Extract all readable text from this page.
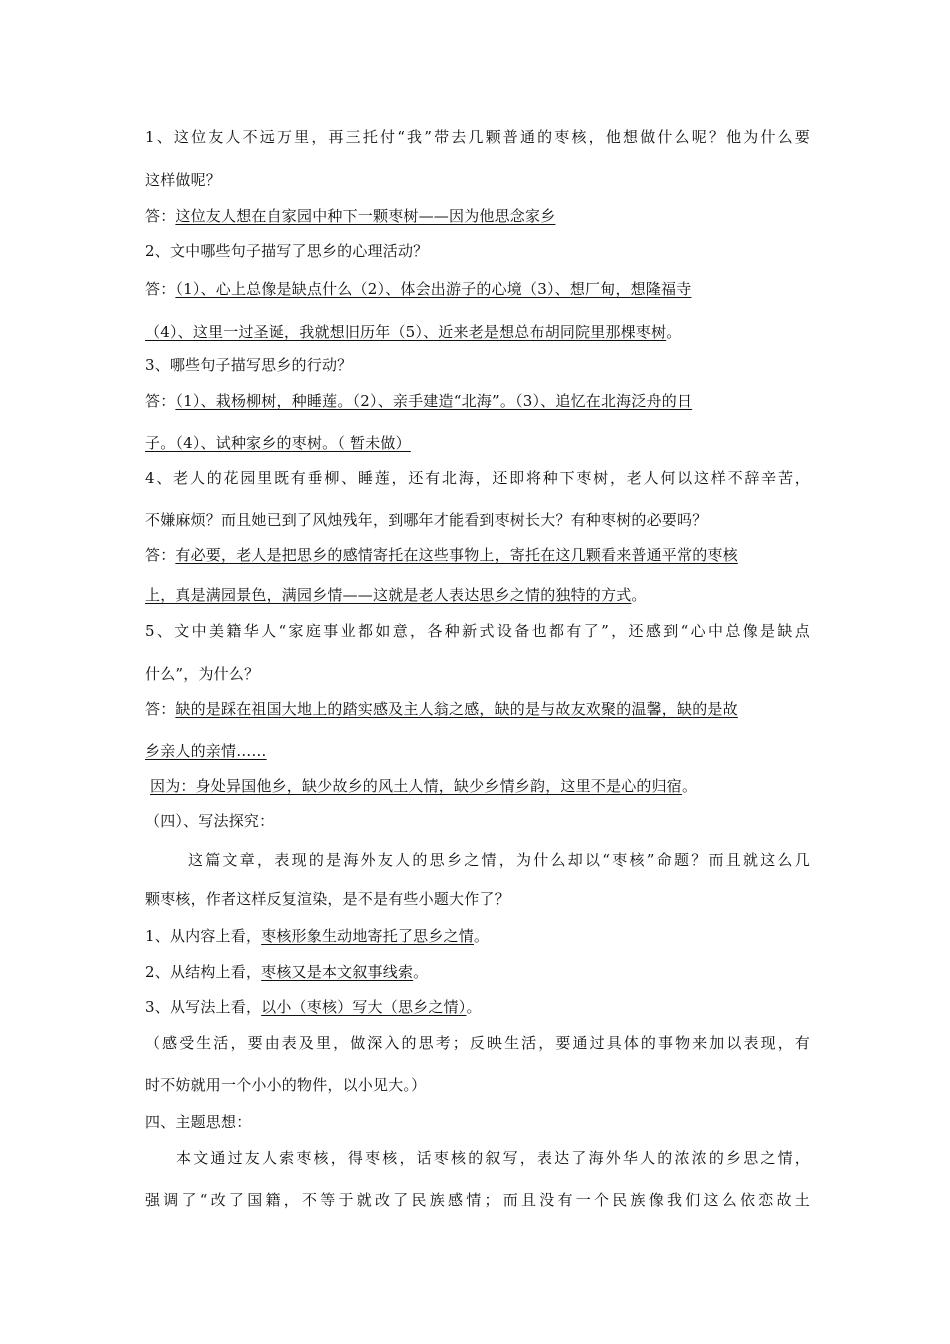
1、这位友人不远万里，再三托付“我”带去几颗普通的枣核，他想做什么呢？他为什么要
这样做呢？
答：这位友人想在自家园中种下一颗枣树——因为他思念家乡
2、文中哪些句子描写了思乡的心理活动？
答：（1）、心上总像是缺点什么（2）、体会出游子的心境（3）、想厂甸，想隆福寺
（4）、这里一过圣诞，我就想旧历年（5）、近来老是想总布胡同院里那棵枣树。
3、哪些句子描写思乡的行动？
答：（1）、栽杨柳树，种睡莲。（2）、亲手建造“北海”。（3）、追忆在北海泛舟的日
子。（4）、试种家乡的枣树。（ 暂未做）
4、老人的花园里既有垂柳、睡莲，还有北海，还即将种下枣树，老人何以这样不辞辛苦，
不嫌麻烦？而且她已到了风烛残年，到哪年才能看到枣树长大？有种枣树的必要吗？
答：有必要，老人是把思乡的感情寄托在这些事物上，寄托在这几颗看来普通平常的枣核
上，真是满园景色，满园乡情——这就是老人表达思乡之情的独特的方式。
5、文中美籍华人“家庭事业都如意，各种新式设备也都有了”，还感到“心中总像是缺点
什么”，为什么？
答：缺的是踩在祖国大地上的踏实感及主人翁之感，缺的是与故友欢聚的温馨，缺的是故
乡亲人的亲情……
因为：身处异国他乡，缺少故乡的风土人情，缺少乡情乡韵，这里不是心的归宿。
（四）、写法探究：
这篇文章，表现的是海外友人的思乡之情，为什么却以“枣核”命题？而且就这么几
颗枣核，作者这样反复渲染，是不是有些小题大作了？
1、从内容上看，枣核形象生动地寄托了思乡之情。
2、从结构上看，枣核又是本文叙事线索。
3、从写法上看，以小（枣核）写大（思乡之情）。
（感受生活，要由表及里，做深入的思考；反映生活，要通过具体的事物来加以表现，有
时不妨就用一个小小的物件，以小见大。）
四、主题思想：
本文通过友人索枣核，得枣核，话枣核的叙写，表达了海外华人的浓浓的乡思之情，
强调了“改了国籍，不等于就改了民族感情；而且没有一个民族像我们这么依恋故土
